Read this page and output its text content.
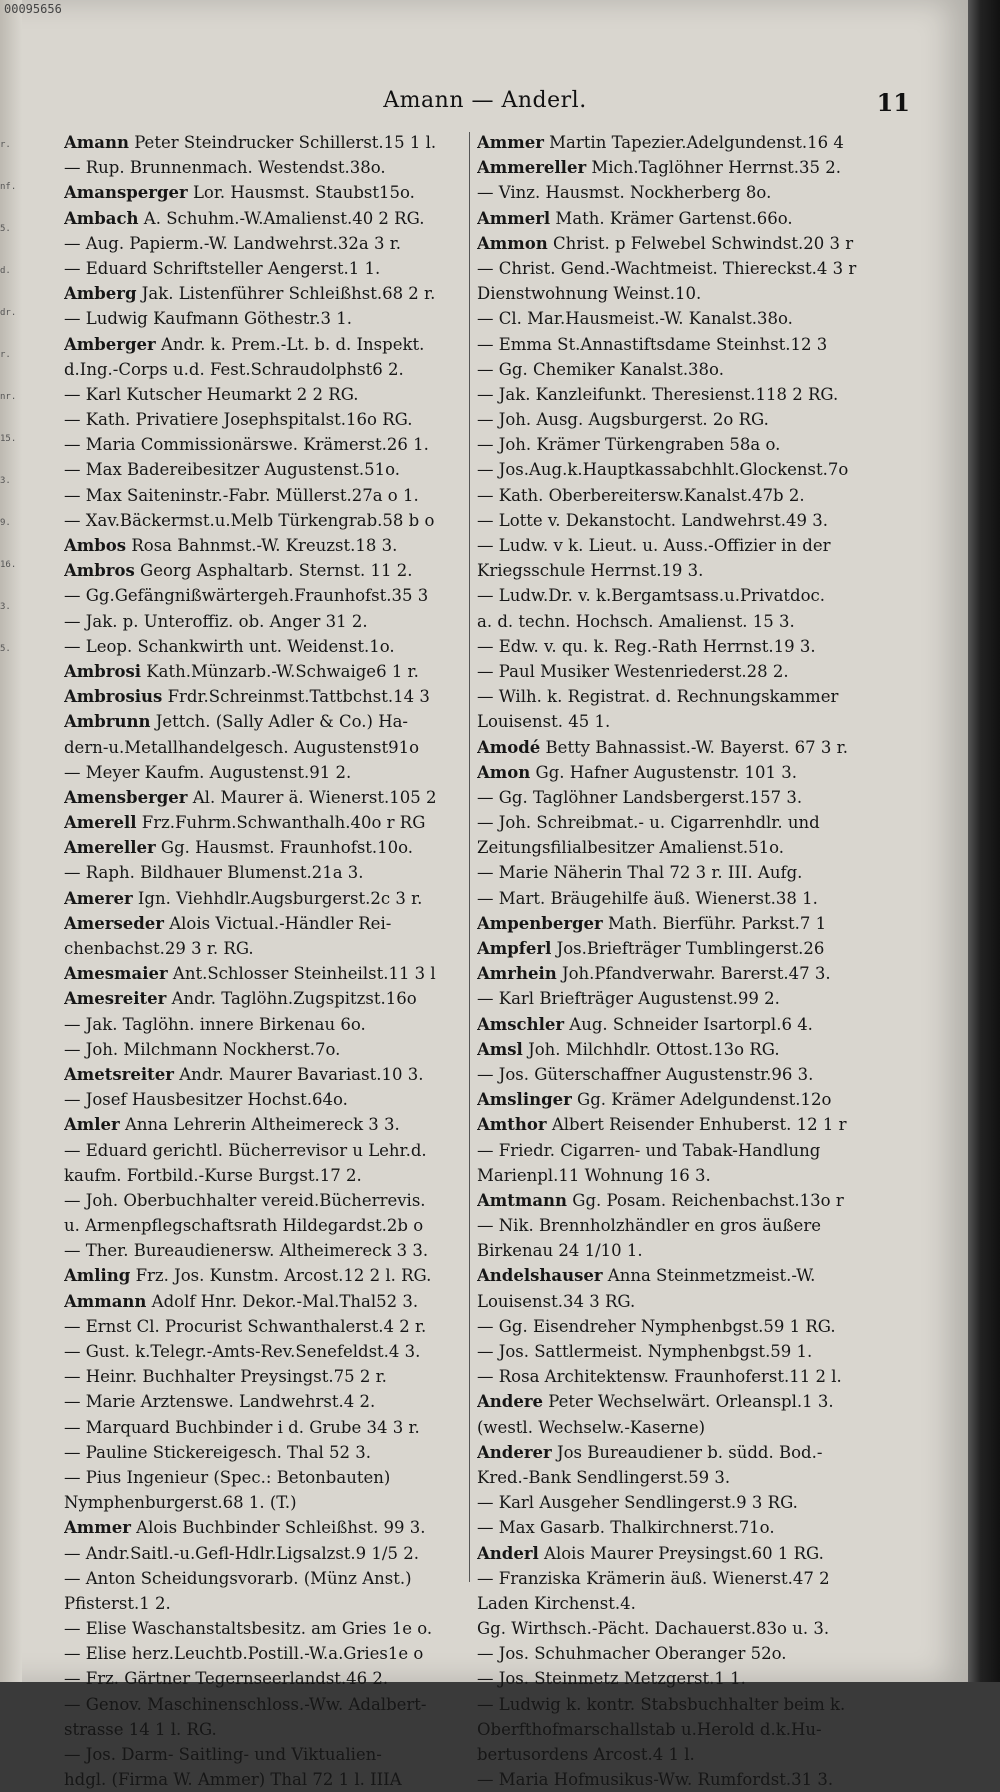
00095656
Amann — Anderl.	11
r.
nf.
5.
d.
dr.
r.
nr.
15.
3.
9.
16.
3.
5.
Amann Peter Steindrucker Schillerst.15 1 l.
— Rup. Brunnenmach. Westendst.38o.
Amansperger Lor. Hausmst. Staubst15o.
Ambach A. Schuhm.-W.Amalienst.40 2 RG.
— Aug. Papierm.-W. Landwehrst.32a 3 r.
— Eduard Schriftsteller Aengerst.1 1.
Amberg Jak. Listenführer Schleißhst.68 2 r.
— Ludwig Kaufmann Göthestr.3 1.
Amberger Andr. k. Prem.-Lt. b. d. Inspekt.
d.Ing.-Corps u.d. Fest.Schraudolphst6 2.
— Karl Kutscher Heumarkt 2 2 RG.
— Kath. Privatiere Josephspitalst.16o RG.
— Maria Commissionärswe. Krämerst.26 1.
— Max Badereibesitzer Augustenst.51o.
— Max Saiteninstr.-Fabr. Müllerst.27a o 1.
— Xav.Bäckermst.u.Melb Türkengrab.58 b o
Ambos Rosa Bahnmst.-W. Kreuzst.18 3.
Ambros Georg Asphaltarb. Sternst. 11 2.
— Gg.Gefängnißwärtergeh.Fraunhofst.35 3
— Jak. p. Unteroffiz. ob. Anger 31 2.
— Leop. Schankwirth unt. Weidenst.1o.
Ambrosi Kath.Münzarb.-W.Schwaige6 1 r.
Ambrosius Frdr.Schreinmst.Tattbchst.14 3
Ambrunn Jettch. (Sally Adler & Co.) Ha-
dern-u.Metallhandelgesch. Augustenst91o
— Meyer Kaufm. Augustenst.91 2.
Amensberger Al. Maurer ä. Wienerst.105 2
Amerell Frz.Fuhrm.Schwanthalh.40o r RG
Amereller Gg. Hausmst. Fraunhofst.10o.
— Raph. Bildhauer Blumenst.21a 3.
Amerer Ign. Viehhdlr.Augsburgerst.2c 3 r.
Amerseder Alois Victual.-Händler Rei-
chenbachst.29 3 r. RG.
Amesmaier Ant.Schlosser Steinheilst.11 3 l
Amesreiter Andr. Taglöhn.Zugspitzst.16o
— Jak. Taglöhn. innere Birkenau 6o.
— Joh. Milchmann Nockherst.7o.
Ametsreiter Andr. Maurer Bavariast.10 3.
— Josef Hausbesitzer Hochst.64o.
Amler Anna Lehrerin Altheimereck 3 3.
— Eduard gerichtl. Bücherrevisor u Lehr.d.
kaufm. Fortbild.-Kurse Burgst.17 2.
— Joh. Oberbuchhalter vereid.Bücherrevis.
u. Armenpflegschaftsrath Hildegardst.2b o
— Ther. Bureaudienersw. Altheimereck 3 3.
Amling Frz. Jos. Kunstm. Arcost.12 2 l. RG.
Ammann Adolf Hnr. Dekor.-Mal.Thal52 3.
— Ernst Cl. Procurist Schwanthalerst.4 2 r.
— Gust. k.Telegr.-Amts-Rev.Senefeldst.4 3.
— Heinr. Buchhalter Preysingst.75 2 r.
— Marie Arztenswe. Landwehrst.4 2.
— Marquard Buchbinder i d. Grube 34 3 r.
— Pauline Stickereigesch. Thal 52 3.
— Pius Ingenieur (Spec.: Betonbauten)
Nymphenburgerst.68 1. (T.)
Ammer Alois Buchbinder Schleißhst. 99 3.
— Andr.Saitl.-u.Gefl-Hdlr.Ligsalzst.9 1/5 2.
— Anton Scheidungsvorarb. (Münz Anst.)
Pfisterst.1 2.
— Elise Waschanstaltsbesitz. am Gries 1e o.
— Elise herz.Leuchtb.Postill.-W.a.Gries1e o
— Frz. Gärtner Tegernseerlandst.46 2.
— Genov. Maschinenschloss.-Ww. Adalbert-
strasse 14 1 l. RG.
— Jos. Darm- Saitling- und Viktualien-
hdgl. (Firma W. Ammer) Thal 72 1 l. IIIA
Ammer Martin Tapezier.Adelgundenst.16 4
Ammereller Mich.Taglöhner Herrnst.35 2.
— Vinz. Hausmst. Nockherberg 8o.
Ammerl Math. Krämer Gartenst.66o.
Ammon Christ. p Felwebel Schwindst.20 3 r
— Christ. Gend.-Wachtmeist. Thiereckst.4 3 r
Dienstwohnung Weinst.10.
— Cl. Mar.Hausmeist.-W. Kanalst.38o.
— Emma St.Annastiftsdame Steinhst.12 3
— Gg. Chemiker Kanalst.38o.
— Jak. Kanzleifunkt. Theresienst.118 2 RG.
— Joh. Ausg. Augsburgerst. 2o RG.
— Joh. Krämer Türkengraben 58a o.
— Jos.Aug.k.Hauptkassabchhlt.Glockenst.7o
— Kath. Oberbereitersw.Kanalst.47b 2.
— Lotte v. Dekanstocht. Landwehrst.49 3.
— Ludw. v k. Lieut. u. Auss.-Offizier in der
Kriegsschule Herrnst.19 3.
— Ludw.Dr. v. k.Bergamtsass.u.Privatdoc.
a. d. techn. Hochsch. Amalienst. 15 3.
— Edw. v. qu. k. Reg.-Rath Herrnst.19 3.
— Paul Musiker Westenriederst.28 2.
— Wilh. k. Registrat. d. Rechnungskammer
Louisenst. 45 1.
Amodé Betty Bahnassist.-W. Bayerst. 67 3 r.
Amon Gg. Hafner Augustenstr. 101 3.
— Gg. Taglöhner Landsbergerst.157 3.
— Joh. Schreibmat.- u. Cigarrenhdlr. und
Zeitungsfilialbesitzer Amalienst.51o.
— Marie Näherin Thal 72 3 r. III. Aufg.
— Mart. Bräugehilfe äuß. Wienerst.38 1.
Ampenberger Math. Bierführ. Parkst.7 1
Ampferl Jos.Briefträger Tumblingerst.26
Amrhein Joh.Pfandverwahr. Barerst.47 3.
— Karl Briefträger Augustenst.99 2.
Amschler Aug. Schneider Isartorpl.6 4.
Amsl Joh. Milchhdlr. Ottost.13o RG.
— Jos. Güterschaffner Augustenstr.96 3.
Amslinger Gg. Krämer Adelgundenst.12o
Amthor Albert Reisender Enhuberst. 12 1 r
— Friedr. Cigarren- und Tabak-Handlung
Marienpl.11 Wohnung 16 3.
Amtmann Gg. Posam. Reichenbachst.13o r
— Nik. Brennholzhändler en gros äußere
Birkenau 24 1/10 1.
Andelshauser Anna Steinmetzmeist.-W.
Louisenst.34 3 RG.
— Gg. Eisendreher Nymphenbgst.59 1 RG.
— Jos. Sattlermeist. Nymphenbgst.59 1.
— Rosa Architektensw. Fraunhoferst.11 2 l.
Andere Peter Wechselwärt. Orleanspl.1 3.
(westl. Wechselw.-Kaserne)
Anderer Jos Bureaudiener b. südd. Bod.-
Kred.-Bank Sendlingerst.59 3.
— Karl Ausgeher Sendlingerst.9 3 RG.
— Max Gasarb. Thalkirchnerst.71o.
Anderl Alois Maurer Preysingst.60 1 RG.
— Franziska Krämerin äuß. Wienerst.47 2
Laden Kirchenst.4.
Gg. Wirthsch.-Pächt. Dachauerst.83o u. 3.
— Jos. Schuhmacher Oberanger 52o.
— Jos. Steinmetz Metzgerst.1 1.
— Ludwig k. kontr. Stabsbuchhalter beim k.
Oberfthofmarschallstab u.Herold d.k.Hu-
bertusordens Arcost.4 1 l.
— Maria Hofmusikus-Ww. Rumfordst.31 3.
